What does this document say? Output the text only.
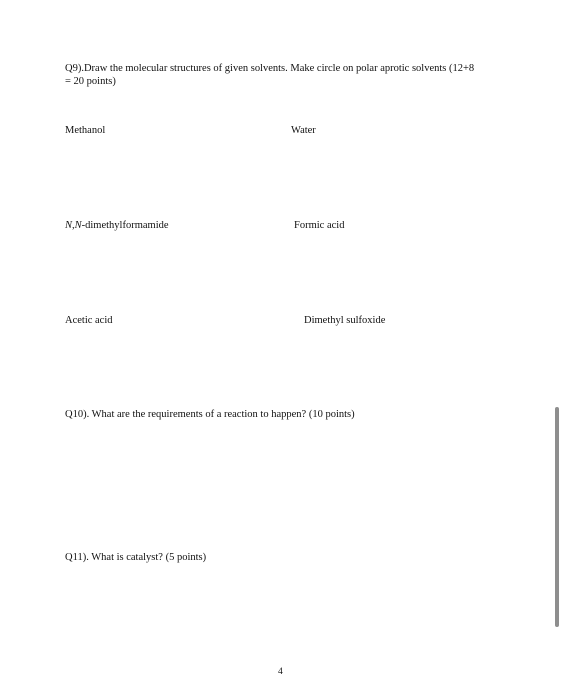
Q9).Draw the molecular structures of given solvents. Make circle on polar aprotic solvents (12+8
= 20 points)
Methanol	Water
N,N-dimethylformamide	Formic acid
Acetic acid	Dimethyl sulfoxide
Q10). What are the requirements of a reaction to happen? (10 points)
Q11). What is catalyst? (5 points)
4
